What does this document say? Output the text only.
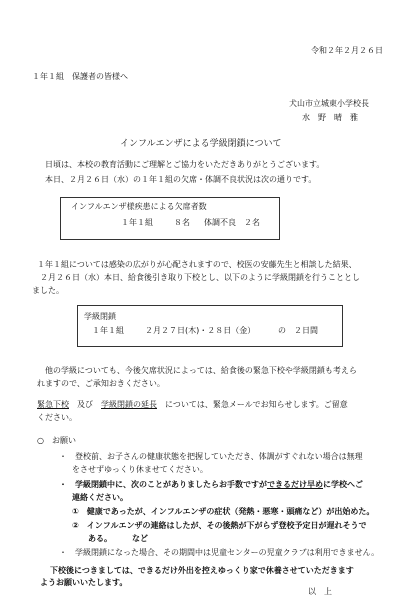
令和２年２月２６日
１年１組　保護者の皆様へ
犬山市立城東小学校長
水　野　晴　雅
インフルエンザによる学級閉鎖について
日頃は、本校の教育活動にご理解とご協力をいただきありがとうございます。
本日、２月２６日（水）の１年１組の欠席・体調不良状況は次の通りです。
インフルエンザ様疾患による欠席者数
１年１組	８名 体調不良　２名
１年１組については感染の広がりが心配されますので、校医の安藤先生と相談した結果、
２月２６日（水）本日、給食後引き取り下校とし、以下のように学級閉鎖を行うこととし
ました。
学級閉鎖
１年１組	２月２７日(木)・２８日（金）	の　２日間
他の学級についても、今後欠席状況によっては、給食後の緊急下校や学級閉鎖も考えら
れますので、ご承知おきください。
緊急下校　 及び　 学級閉鎖の延長　 については、緊急メールでお知らせします。ご留意
ください。
○　お願い
・　登校前、お子さんの健康状態を把握していただき、体調がすぐれない場合は無理
をさせずゆっくり休ませてください。
・　学級閉鎖中に、次のことがありましたらお手数ですができるだけ早めに学校へご
連絡ください。
①　健康であったが、インフルエンザの症状（発熱・悪寒・頭痛など）が出始めた。
②　インフルエンザの連絡はしたが、その後熱が下がらず登校予定日が遅れそうで
ある。　　　など
・　学級閉鎖になった場合、その期間中は児童センターの児童クラブは利用できません。
下校後につきましては、できるだけ外出を控えゆっくり家で休養させていただきます
ようお願いいたします。
以　上
